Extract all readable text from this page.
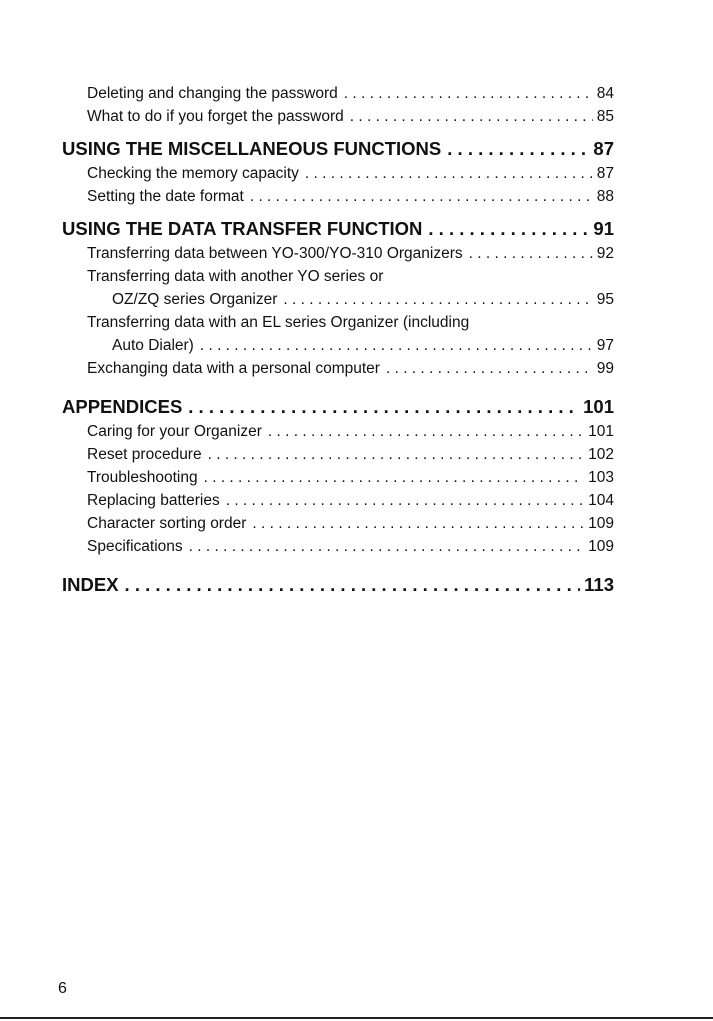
Deleting and changing the password . . .	84
What to do if you forget the password . . .	85
USING THE MISCELLANEOUS FUNCTIONS . . .	87
Checking the memory capacity . . .	87
Setting the date format . . .	88
USING THE DATA TRANSFER FUNCTION . . .	91
Transferring data between YO-300/YO-310 Organizers . . .	92
Transferring data with another YO series or
OZ/ZQ series Organizer . . .	95
Transferring data with an EL series Organizer (including
Auto Dialer) . . .	97
Exchanging data with a personal computer . . .	99
APPENDICES . . .	101
Caring for your Organizer . . .	101
Reset procedure . . .	102
Troubleshooting . . .	103
Replacing batteries . . .	104
Character sorting order . . .	109
Specifications . . .	109
INDEX . . .	113
6
